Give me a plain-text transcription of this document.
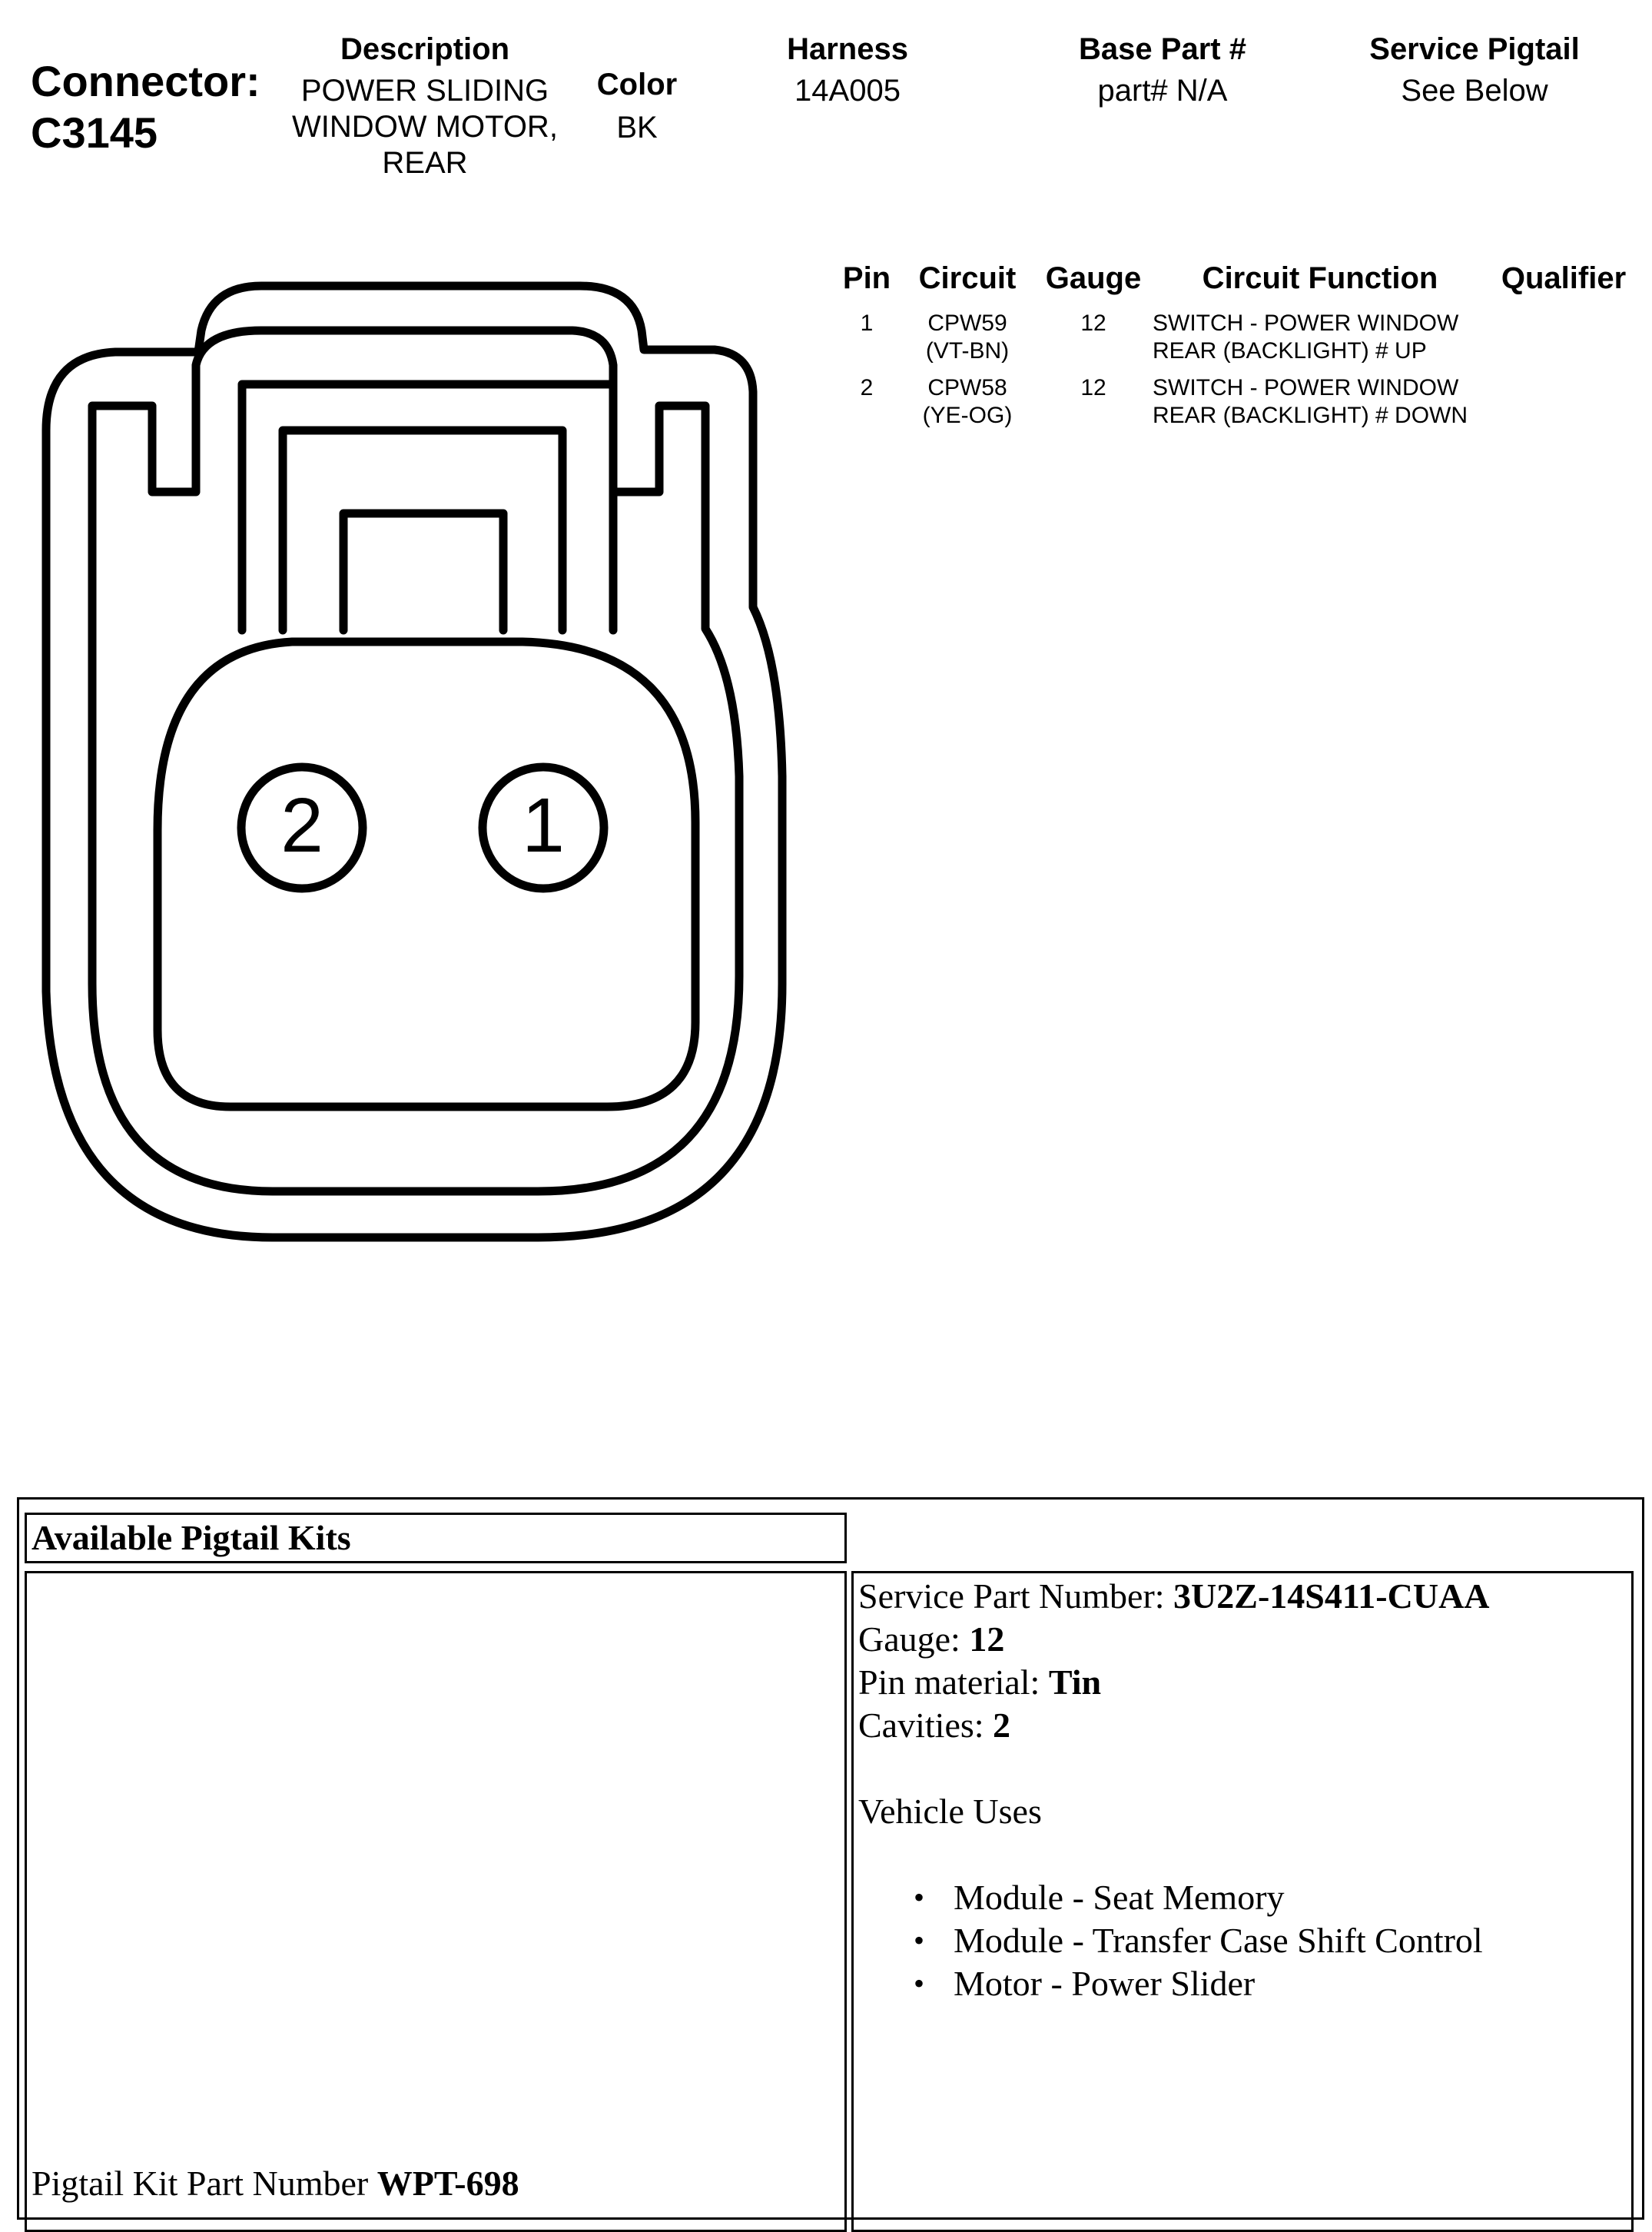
Connector:
C3145
Description
POWER SLIDING
WINDOW MOTOR,
REAR
Color
BK
Harness
14A005
Base Part #
part# N/A
Service Pigtail
See Below
2	1
Pin Circuit Gauge Circuit Function Qualifier
1 CPW59
(VT-BN)
12 SWITCH - POWER WINDOW
REAR (BACKLIGHT) # UP
2 CPW58
(YE-OG)
12 SWITCH - POWER WINDOW
REAR (BACKLIGHT) # DOWN
Available Pigtail Kits
Pigtail Kit Part Number WPT-698
Service Part Number: 3U2Z-14S411-CUAA
Gauge: 12
Pin material: Tin
Cavities: 2
Vehicle Uses
• Module - Seat Memory
• Module - Transfer Case Shift Control
• Motor - Power Slider
